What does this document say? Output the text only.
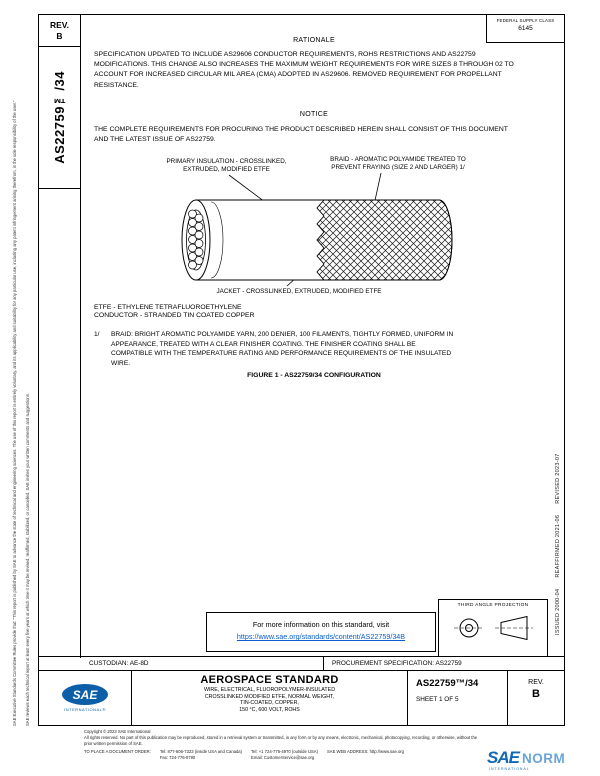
SAE Executive Standards Committee Rules provide that: "This report is published by SAE to advance the state of technical and engineering sciences. The use of this report is entirely voluntary, and its applicability and suitability for any particular use, including any patent infringement arising therefrom, is the sole responsibility of the user."	SAE reviews each technical report at least every five years at which time it may be revised, reaffirmed, stabilized, or cancelled. SAE invites your written comments and suggestions.
REV.
B
AS22759™/34
FEDERAL SUPPLY CLASS
6145
RATIONALE
SPECIFICATION UPDATED TO INCLUDE AS29606 CONDUCTOR REQUIREMENTS, ROHS RESTRICTIONS AND AS22759 MODIFICATIONS. THIS CHANGE ALSO INCREASES THE MAXIMUM WEIGHT REQUIREMENTS FOR WIRE SIZES 8 THROUGH 02 TO ACCOUNT FOR INCREASED CIRCULAR MIL AREA (CMA) ADOPTED IN AS29606. REMOVED REQUIREMENT FOR PROPELLANT RESISTANCE.
NOTICE
THE COMPLETE REQUIREMENTS FOR PROCURING THE PRODUCT DESCRIBED HEREIN SHALL CONSIST OF THIS DOCUMENT AND THE LATEST ISSUE OF AS22759.
PRIMARY INSULATION - CROSSLINKED,
EXTRUDED, MODIFIED ETFE
BRAID - AROMATIC POLYAMIDE TREATED TO
PREVENT FRAYING (SIZE 2 AND LARGER) 1/
JACKET - CROSSLINKED, EXTRUDED, MODIFIED ETFE
ETFE - ETHYLENE TETRAFLUOROETHYLENE
CONDUCTOR - STRANDED TIN COATED COPPER
1/	BRAID: BRIGHT AROMATIC POLYAMIDE YARN, 200 DENIER, 100 FILAMENTS, TIGHTLY FORMED, UNIFORM IN APPEARANCE, TREATED WITH A CLEAR FINISHER COATING. THE FINISHER COATING SHALL BE COMPATIBLE WITH THE TEMPERATURE RATING AND PERFORMANCE REQUIREMENTS OF THE INSULATED WIRE.
FIGURE 1 - AS22759/34 CONFIGURATION
ISSUED 2000-04      REAFFIRMED 2021-06      REVISED 2023-07
THIRD ANGLE PROJECTION
For more information on this standard, visit
https://www.sae.org/standards/content/AS22759/34B
CUSTODIAN: AE-8D	PROCUREMENT SPECIFICATION: AS22759
SAE
INTERNATIONAL®
AEROSPACE STANDARD
WIRE, ELECTRICAL, FLUOROPOLYMER-INSULATED
CROSSLINKED MODIFIED ETFE, NORMAL WEIGHT,
TIN-COATED, COPPER,
150 °C, 600 VOLT, ROHS
AS22759™/34
SHEET 1 OF 5
REV.
B
Copyright © 2023 SAE International
All rights reserved. No part of this publication may be reproduced, stored in a retrieval system or transmitted, in any form or by any means, electronic, mechanical, photocopying, recording, or otherwise, without the prior written permission of SAE.
TO PLACE A DOCUMENT ORDER: Tel: 877-606-7323 (inside USA and Canada)
Fax: 724-776-0790
Tel: +1 724-776-4970 (outside USA)
Email: CustomerService@sae.org
SAE WEB ADDRESS: http://www.sae.org	SAE NORM
INTERNATIONAL
